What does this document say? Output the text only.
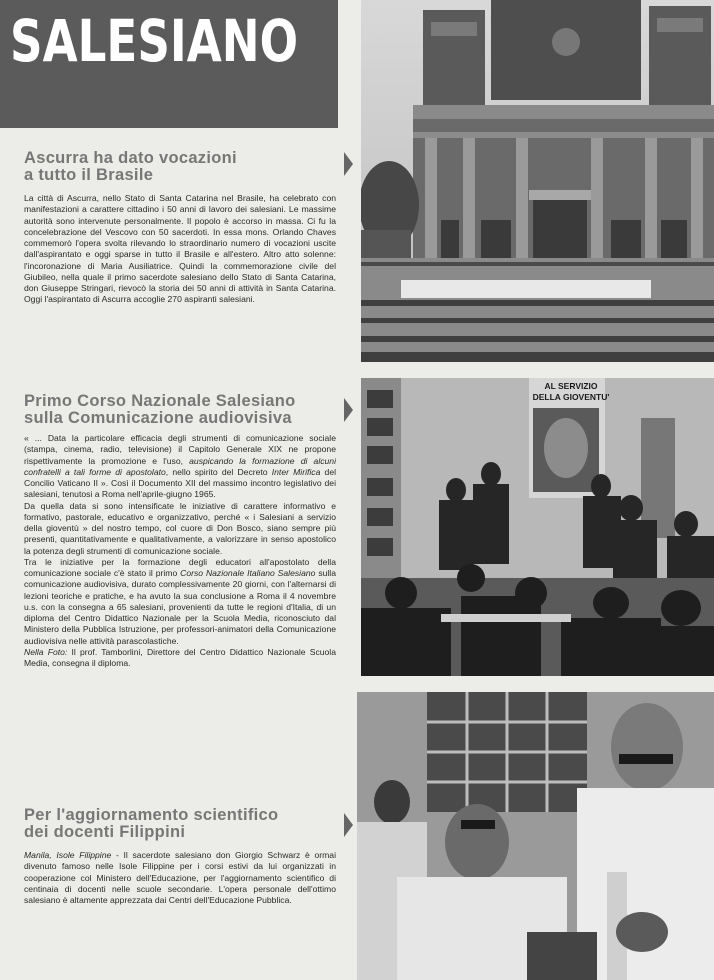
SALESIANO
Ascurra ha dato vocazioni
a tutto il Brasile

La città di Ascurra, nello Stato di Santa Catarina nel Brasile, ha celebrato con manifestazioni a carattere cittadino i 50 anni di lavoro dei salesiani. Le massime autorità sono intervenute personalmente. Il popolo è accorso in massa. Ci fu la concelebrazione del Vescovo con 50 sacerdoti. In essa mons. Orlando Chaves commemorò l'opera svolta rilevando lo straordinario numero di vocazioni uscite dall'aspirantato e oggi sparse in tutto il Brasile e all'estero. Altro atto solenne: l'incoronazione di Maria Ausiliatrice. Quindi la commemorazione civile del Giubileo, nella quale il primo sacerdote salesiano dello Stato di Santa Catarina, don Giuseppe Stringari, rievocò la storia dei 50 anni di attività in Santa Catarina. Oggi l'aspirantato di Ascurra accoglie 270 aspiranti salesiani.

Primo Corso Nazionale Salesiano
sulla Comunicazione audiovisiva

« ... Data la particolare efficacia degli strumenti di comunicazione sociale (stampa, cinema, radio, televisione) il Capitolo Generale XIX ne propone rispettivamente la promozione e l'uso, auspicando la formazione di alcuni confratelli a tali forme di apostolato, nello spirito del Decreto Inter Mirifica del Concilio Vaticano II ». Così il Documento XII del massimo incontro legislativo dei salesiani, tenutosi a Roma nell'aprile-giugno 1965.

Da quella data si sono intensificate le iniziative di carattere informativo e formativo, pastorale, educativo e organizzativo, perché « i Salesiani a servizio della gioventù » del nostro tempo, col cuore di Don Bosco, siano sempre più presenti, quantitativamente e qualitativamente, a valorizzare in senso apostolico la potenza degli strumenti di comunicazione sociale.

Tra le iniziative per la formazione degli educatori all'apostolato della comunicazione sociale c'è stato il primo Corso Nazionale Italiano Salesiano sulla comunicazione audiovisiva, durato complessivamente 20 giorni, con l'alternarsi di lezioni teoriche e pratiche, e ha avuto la sua conclusione a Roma il 4 novembre u.s. con la consegna a 65 salesiani, provenienti da tutte le regioni d'Italia, di un diploma del Centro Didattico Nazionale per la Scuola Media, riconosciuto dal Ministero della Pubblica Istruzione, per professori-animatori della Comunicazione audiovisiva nelle attività parascolastiche.

Nella Foto: Il prof. Tamborlini, Direttore del Centro Didattico Nazionale Scuola Media, consegna il diploma.

Per l'aggiornamento scientifico
dei docenti Filippini

Manila, Isole Filippine - Il sacerdote salesiano don Giorgio Schwarz è ormai divenuto famoso nelle Isole Filippine per i corsi estivi da lui organizzati in cooperazione col Ministero dell'Educazione, per l'aggiornamento scientifico di centinaia di docenti nelle scuole secondarie. L'opera personale dell'ottimo salesiano è altamente apprezzata dai Centri dell'Educazione Pubblica.

AL SERVIZIO
DELLA GIOVENTU'
